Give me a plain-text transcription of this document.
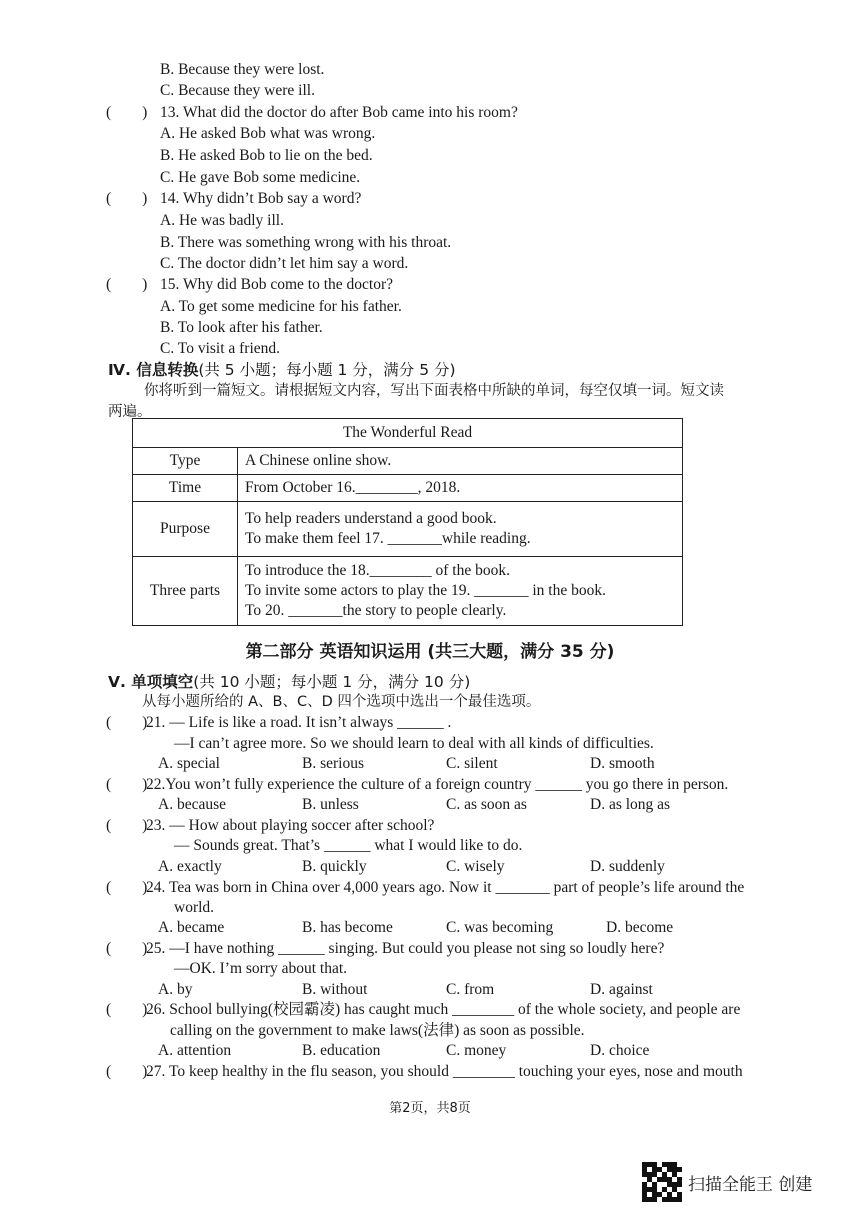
B. Because they were lost.
C. Because they were ill.
(　　) 13. What did the doctor do after Bob came into his room?
A. He asked Bob what was wrong.
B. He asked Bob to lie on the bed.
C. He gave Bob some medicine.
(　　) 14. Why didn’t Bob say a word?
A. He was badly ill.
B. There was something wrong with his throat.
C. The doctor didn’t let him say a word.
(　　) 15. Why did Bob come to the doctor?
A. To get some medicine for his father.
B. To look after his father.
C. To visit a friend.
Ⅳ. 信息转换(共 5 小题；每小题 1 分，满分 5 分)
你将听到一篇短文。请根据短文内容，写出下面表格中所缺的单词，每空仅填一词。短文读
两遍。
The Wonderful Read	
Type	A Chinese online show.
Time	From October 16.________, 2018.
Purpose	To help readers understand a good book.
To make them feel 17. _______while reading.

Three parts	To introduce the 18.________ of the book.
To invite some actors to play the 19. _______ in the book.
To 20. _______the story to people clearly.
第二部分 英语知识运用 (共三大题，满分 35 分)
Ⅴ. 单项填空(共 10 小题；每小题 1 分，满分 10 分)
从每小题所给的 A、B、C、D 四个选项中选出一个最佳选项。
(　　)
21. — Life is like a road. It isn’t always ______ .
—I can’t agree more. So we should learn to deal with all kinds of difficulties.
A. special	B. serious	C. silent	D. smooth
(　　)
22.You won’t fully experience the culture of a foreign country ______ you go there in person.
A. because	B. unless	C. as soon as	D. as long as
(　　)
23. — How about playing soccer after school?
— Sounds great. That’s ______ what I would like to do.
A. exactly	B. quickly	C. wisely	D. suddenly
(　　)
24. Tea was born in China over 4,000 years ago. Now it _______ part of people’s life around the
world.
A. became	B. has become	C. was becoming	D. become
(　　)
25. —I have nothing ______ singing. But could you please not sing so loudly here?
—OK. I’m sorry about that.
A. by	B. without	C. from	D. against
(　　)
26. School bullying(校园霸凌) has caught much ________ of the whole society, and people are
calling on the government to make laws(法律) as soon as possible.
A. attention	B. education	C. money	D. choice
(　　)
27. To keep healthy in the flu season, you should ________ touching your eyes, nose and mouth
第2页，共8页
扫描全能王 创建
